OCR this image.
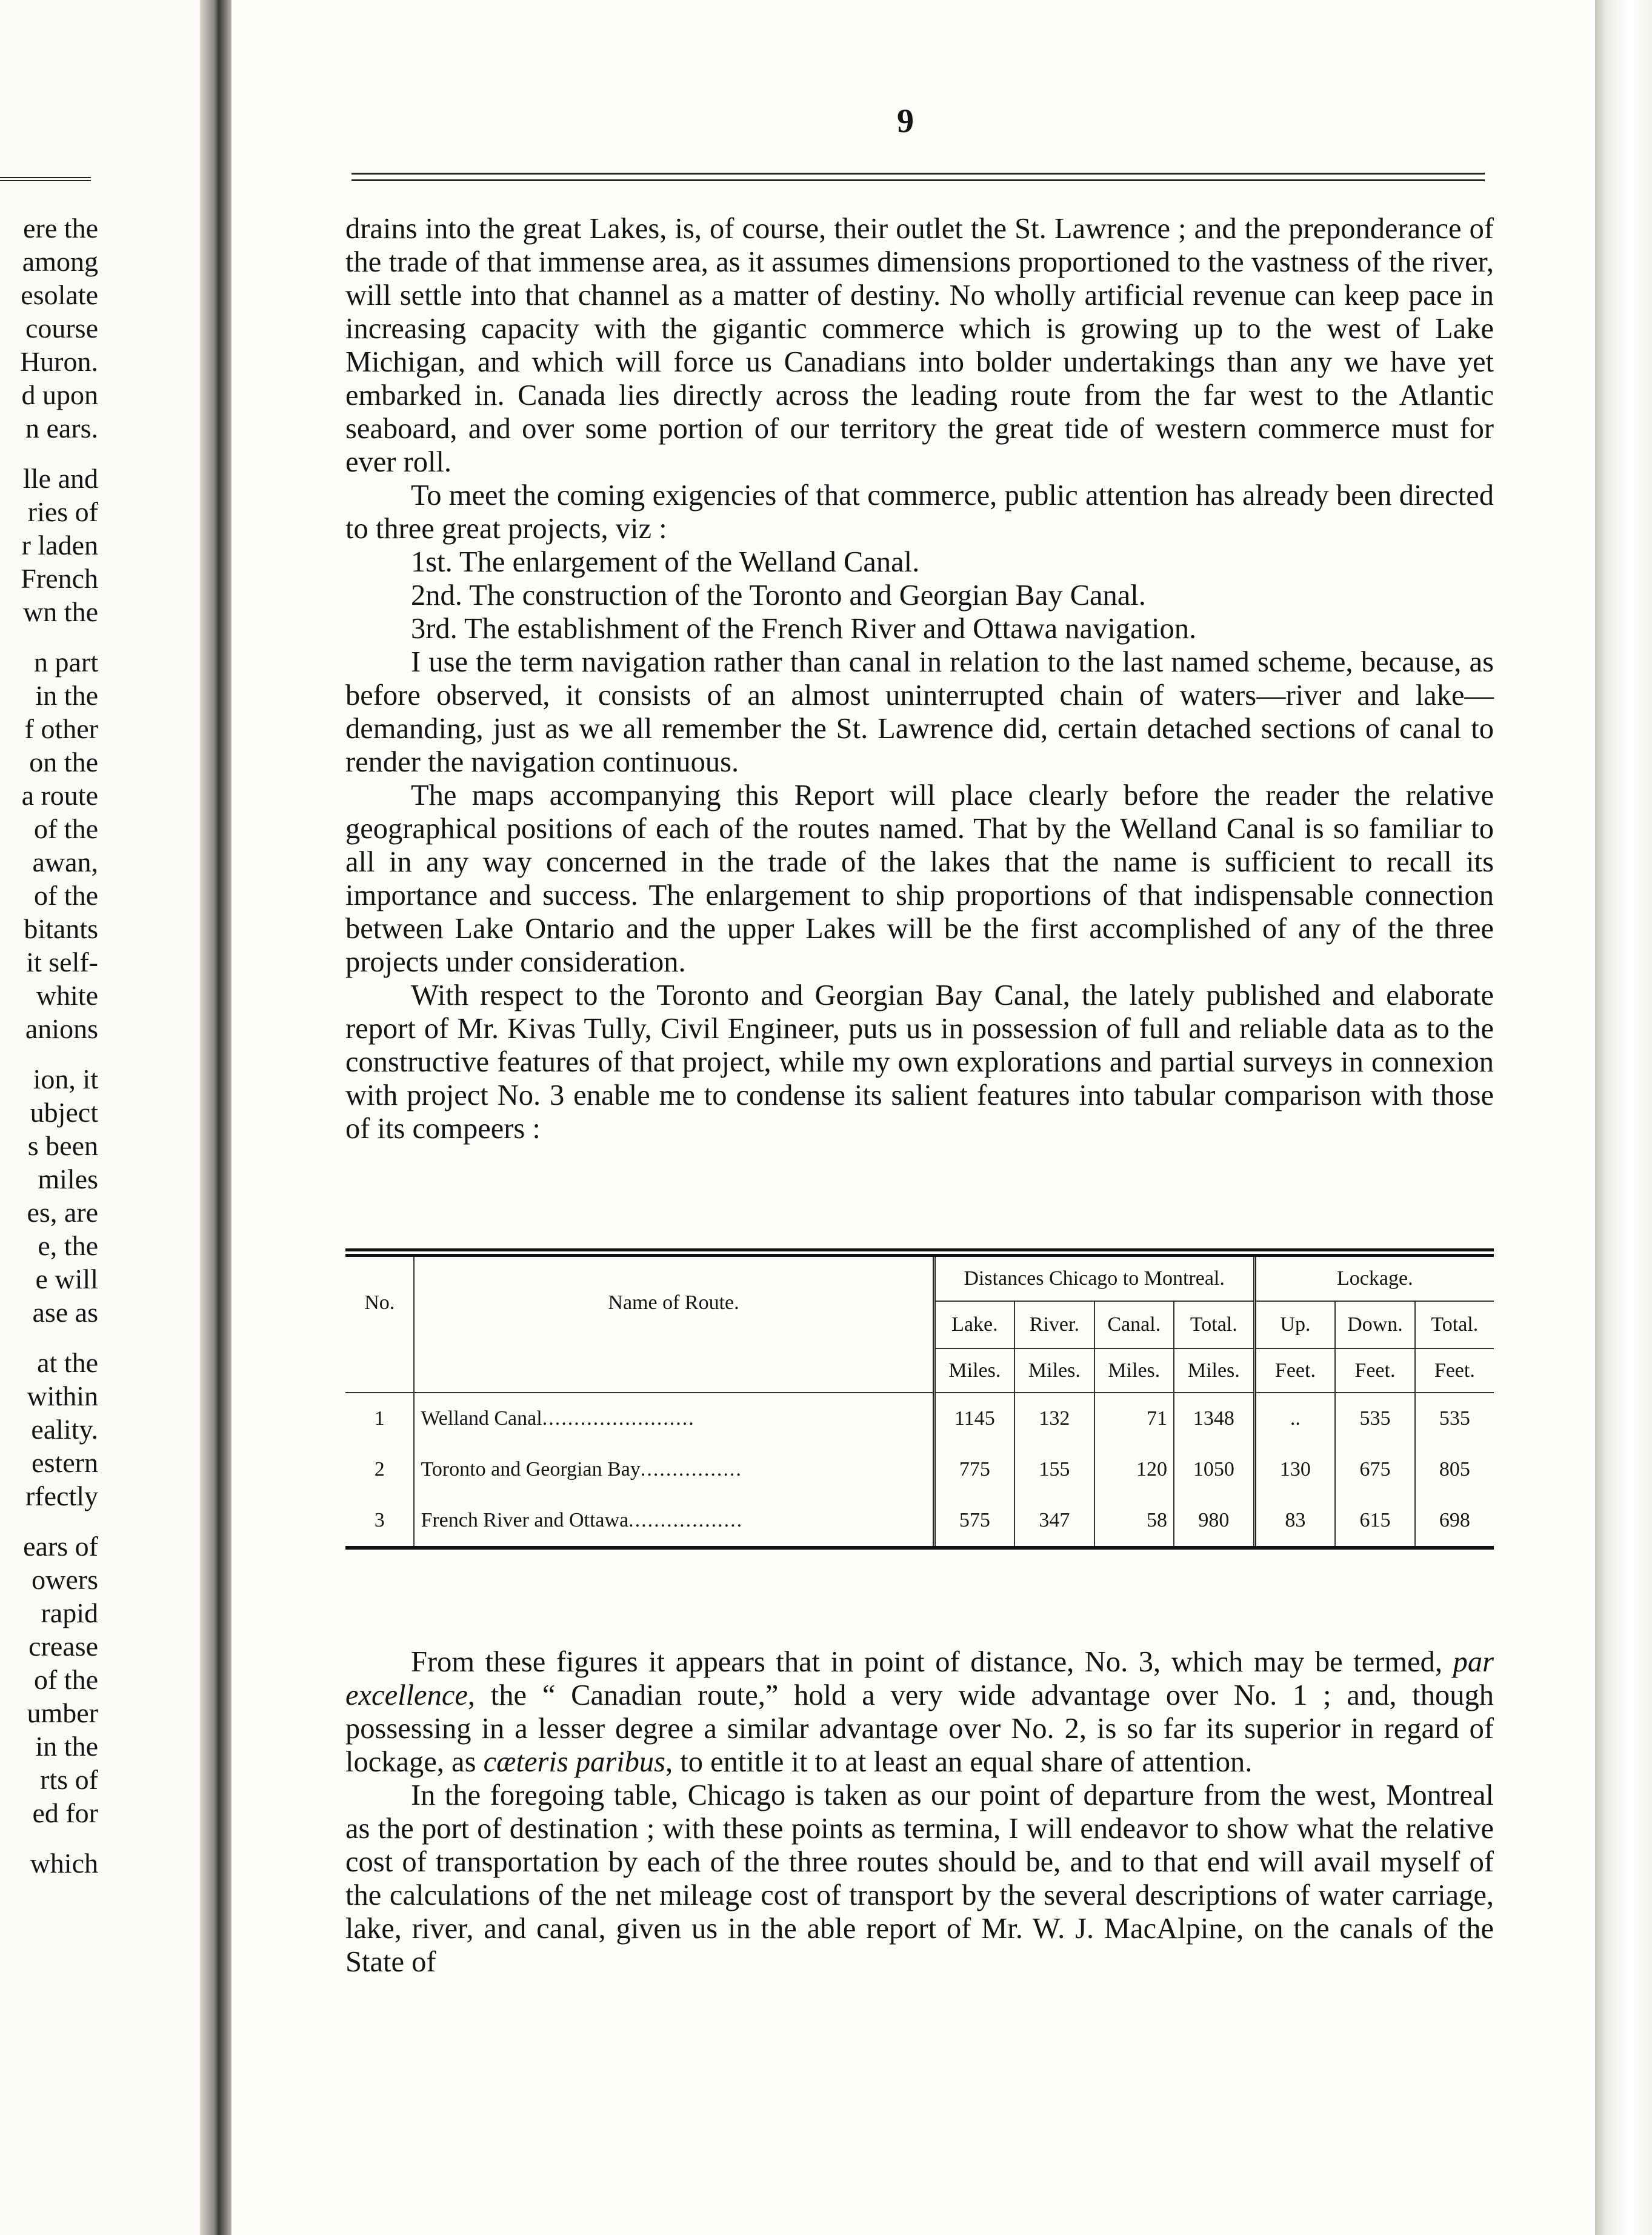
ere the
among
esolate
course
Huron.
d upon
n ears.
lle and
ries of
r laden
French
wn the
n part
in the
f other
on the
a route
of the
awan,
of the
bitants
it self-
white
anions
ion, it
ubject
s been
miles
es, are
e, the
e will
ase as
at the
within
eality.
estern
rfectly
ears of
owers
rapid
crease
of the
umber
in the
rts of
ed for
which
9

drains into the great Lakes, is, of course, their outlet the St. Lawrence ; and the preponderance of the trade of that immense area, as it assumes dimensions proportioned to the vastness of the river, will settle into that channel as a matter of destiny. No wholly artificial revenue can keep pace in increasing capacity with the gigantic commerce which is growing up to the west of Lake Michigan, and which will force us Canadians into bolder undertakings than any we have yet embarked in. Canada lies directly across the leading route from the far west to the Atlantic seaboard, and over some portion of our territory the great tide of western commerce must for ever roll.

To meet the coming exigencies of that commerce, public attention has already been directed to three great projects, viz :

1st. The enlargement of the Welland Canal.

2nd. The construction of the Toronto and Georgian Bay Canal.

3rd. The establishment of the French River and Ottawa navigation.

I use the term navigation rather than canal in relation to the last named scheme, because, as before observed, it consists of an almost uninterrupted chain of waters—river and lake—demanding, just as we all remember the St. Lawrence did, certain detached sections of canal to render the navigation continuous.

The maps accompanying this Report will place clearly before the reader the relative geographical positions of each of the routes named. That by the Welland Canal is so familiar to all in any way concerned in the trade of the lakes that the name is sufficient to recall its importance and success. The enlargement to ship proportions of that indispensable connection between Lake Ontario and the upper Lakes will be the first accomplished of any of the three projects under consideration.

With respect to the Toronto and Georgian Bay Canal, the lately published and elaborate report of Mr. Kivas Tully, Civil Engineer, puts us in possession of full and reliable data as to the constructive features of that project, while my own explorations and partial surveys in connexion with project No. 3 enable me to condense its salient features into tabular comparison with those of its compeers :

No.	Name of Route.	Distances Chicago to Montreal.				Lockage.		
		Lake.	River.	Canal.	Total.	Up.	Down.	Total.
		Miles.	Miles.	Miles.	Miles.	Feet.	Feet.	Feet.
1	Welland Canal........................	1145	132	71	1348	..	535	535
2	Toronto and Georgian Bay................	775	155	120	1050	130	675	805
3	French River and Ottawa..................	575	347	58	980	83	615	698

From these figures it appears that in point of distance, No. 3, which may be termed, par excellence, the “ Canadian route,” hold a very wide advantage over No. 1 ; and, though possessing in a lesser degree a similar advantage over No. 2, is so far its superior in regard of lockage, as cæteris paribus, to entitle it to at least an equal share of attention.

In the foregoing table, Chicago is taken as our point of departure from the west, Montreal as the port of destination ; with these points as termina, I will endeavor to show what the relative cost of transportation by each of the three routes should be, and to that end will avail myself of the calculations of the net mileage cost of transport by the several descriptions of water carriage, lake, river, and canal, given us in the able report of Mr. W. J. MacAlpine, on the canals of the State of
